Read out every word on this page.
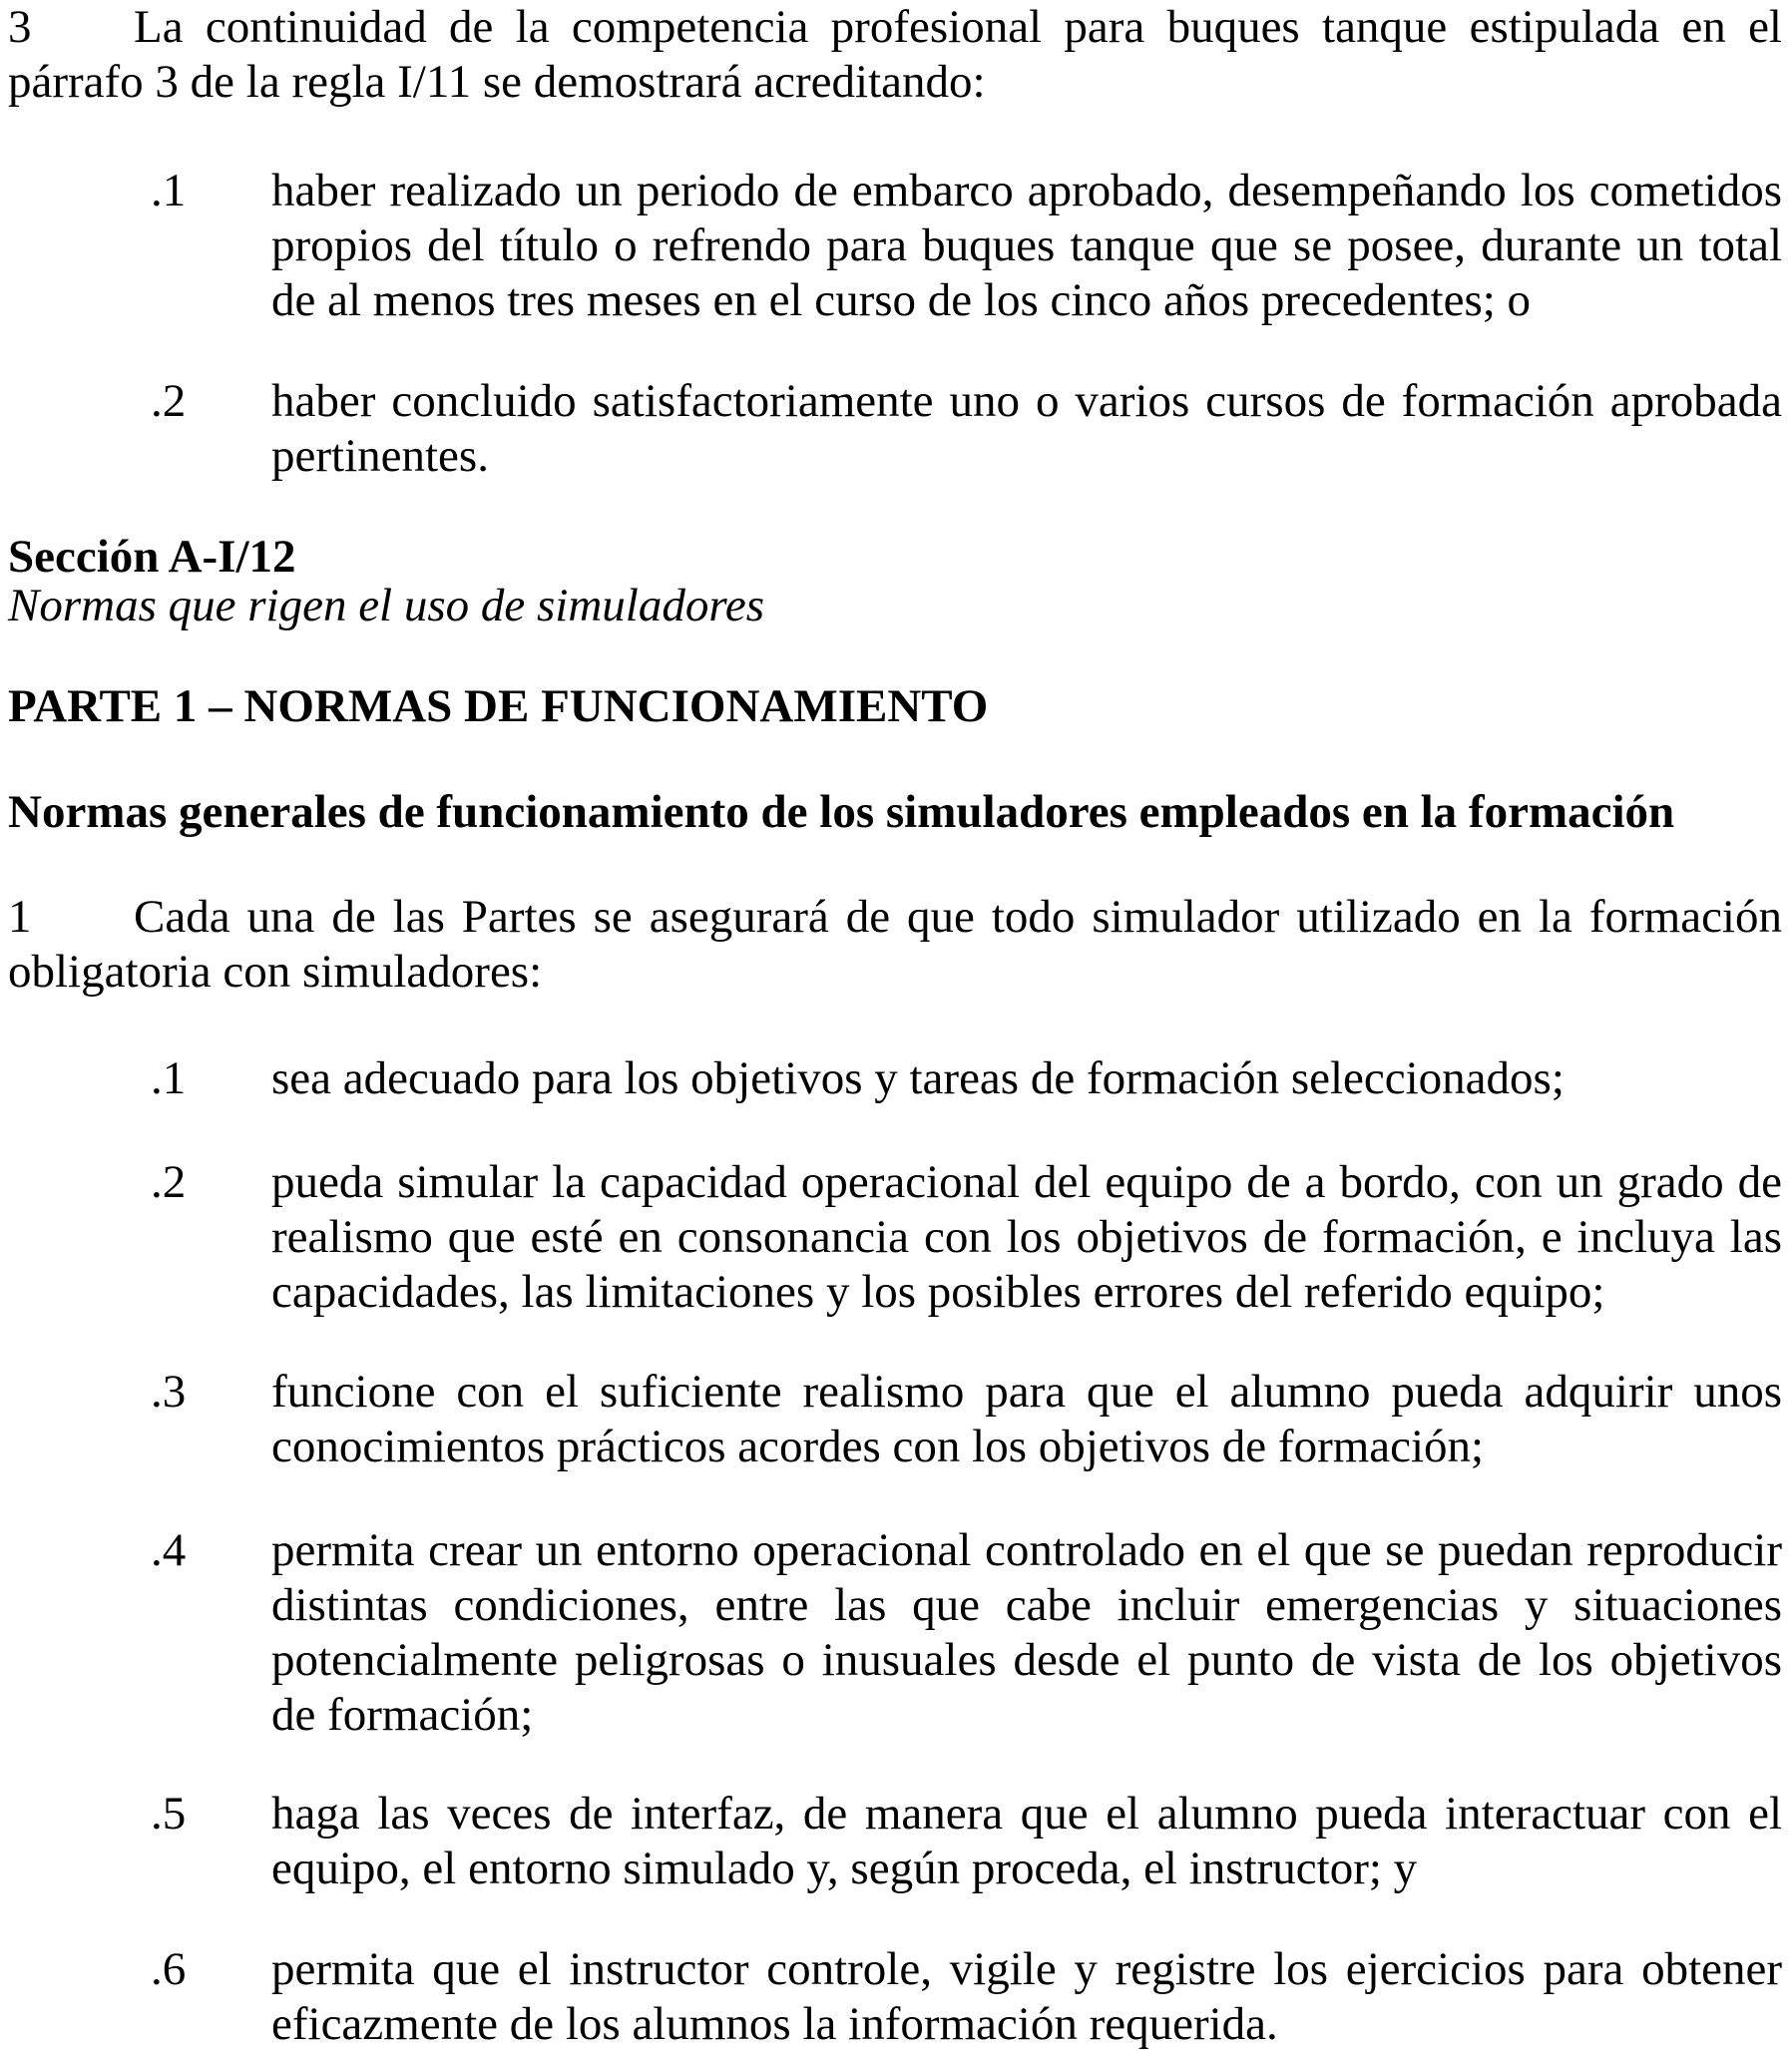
3 La continuidad de la competencia profesional para buques tanque estipulada en el párrafo 3 de la regla I/11 se demostrará acreditando:
.1	haber realizado un periodo de embarco aprobado, desempeñando los cometidos propios del título o refrendo para buques tanque que se posee, durante un total de al menos tres meses en el curso de los cinco años precedentes; o
.2	haber concluido satisfactoriamente uno o varios cursos de formación aprobada pertinentes.
Sección A-I/12
Normas que rigen el uso de simuladores
PARTE 1 – NORMAS DE FUNCIONAMIENTO
Normas generales de funcionamiento de los simuladores empleados en la formación
1 Cada una de las Partes se asegurará de que todo simulador utilizado en la formación obligatoria con simuladores:
.1	sea adecuado para los objetivos y tareas de formación seleccionados;
.2	pueda simular la capacidad operacional del equipo de a bordo, con un grado de realismo que esté en consonancia con los objetivos de formación, e incluya las capacidades, las limitaciones y los posibles errores del referido equipo;
.3	funcione con el suficiente realismo para que el alumno pueda adquirir unos conocimientos prácticos acordes con los objetivos de formación;
.4	permita crear un entorno operacional controlado en el que se puedan reproducir distintas condiciones, entre las que cabe incluir emergencias y situaciones potencialmente peligrosas o inusuales desde el punto de vista de los objetivos de formación;
.5	haga las veces de interfaz, de manera que el alumno pueda interactuar con el equipo, el entorno simulado y, según proceda, el instructor; y
.6	permita que el instructor controle, vigile y registre los ejercicios para obtener eficazmente de los alumnos la información requerida.
